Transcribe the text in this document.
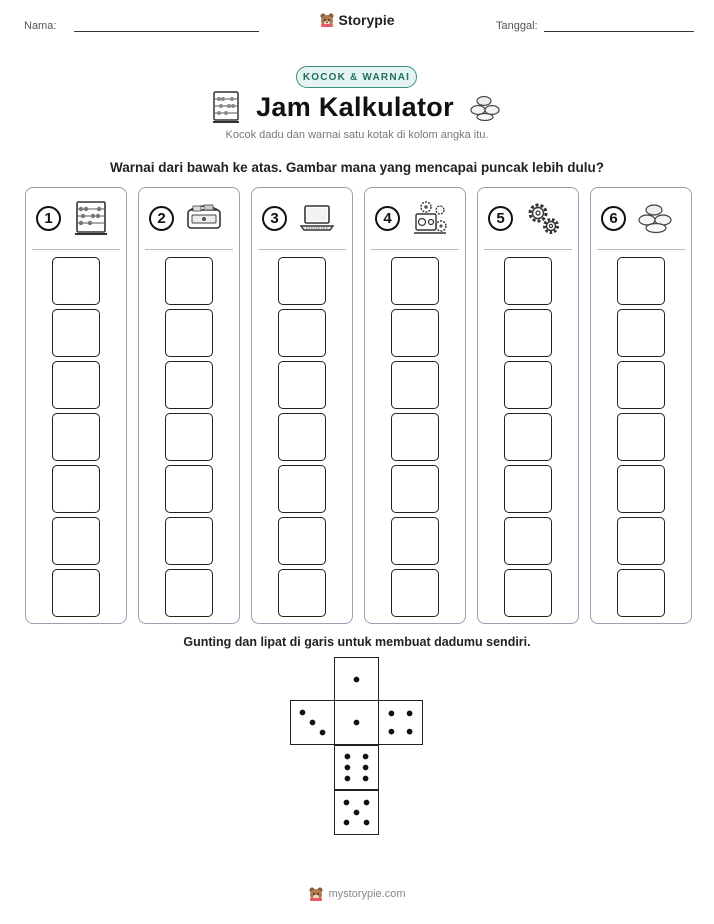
Nama:	Storypie	Tanggal:
KOCOK & WARNAI
Jam Kalkulator
Kocok dadu dan warnai satu kotak di kolom angka itu.
Warnai dari bawah ke atas. Gambar mana yang mencapai puncak lebih dulu?
1	2	3	4	5	6
Gunting dan lipat di garis untuk membuat dadumu sendiri.
mystorypie.com
